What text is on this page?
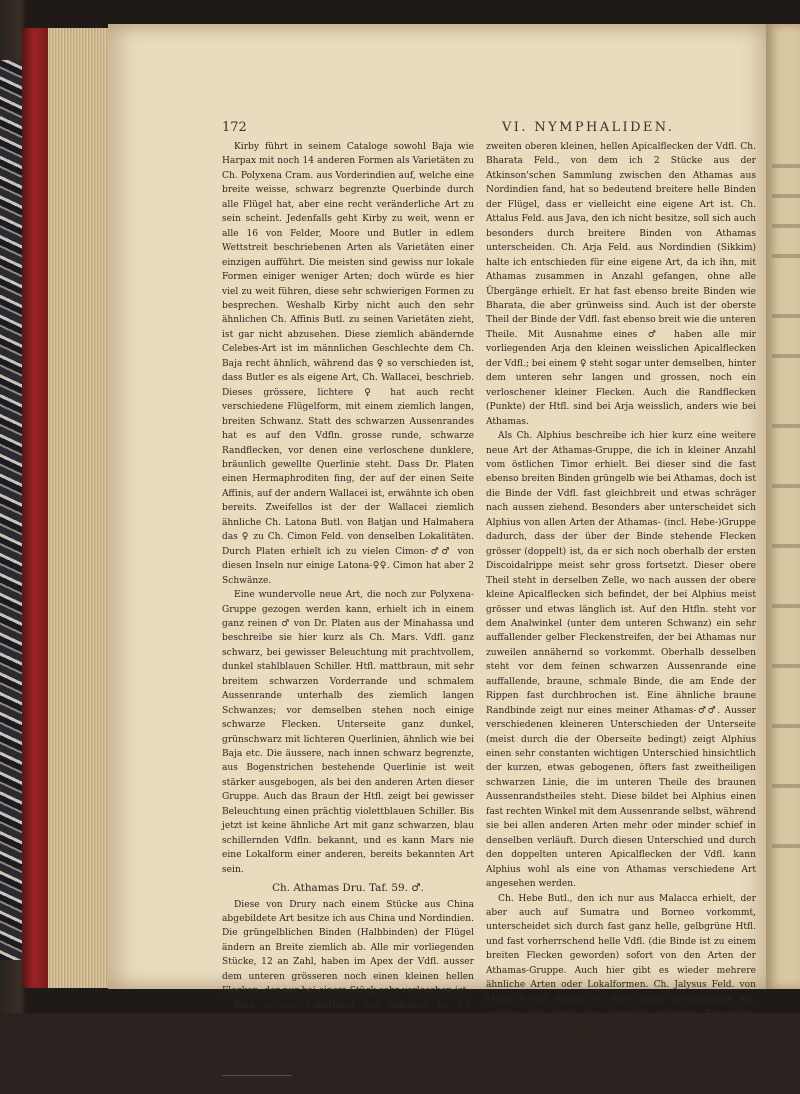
172	VI. NYMPHALIDEN.

Kirby führt in seinem Cataloge sowohl Baja wie Harpax mit noch 14 anderen Formen als Varietäten zu Ch. Polyxena Cram. aus Vorderindien auf, welche eine breite weisse, schwarz begrenzte Querbinde durch alle Flügel hat, aber eine recht veränderliche Art zu sein scheint. Jedenfalls geht Kirby zu weit, wenn er alle 16 von Felder, Moore und Butler in edlem Wettstreit beschriebenen Arten als Varietäten einer einzigen aufführt. Die meisten sind gewiss nur lokale Formen einiger weniger Arten; doch würde es hier viel zu weit führen, diese sehr schwierigen Formen zu besprechen. Weshalb Kirby nicht auch den sehr ähnlichen Ch. Affinis Butl. zu seinen Varietäten zieht, ist gar nicht abzusehen. Diese ziemlich abändernde Celebes-Art ist im männlichen Geschlechte dem Ch. Baja recht ähnlich, während das ♀ so verschieden ist, dass Butler es als eigene Art, Ch. Wallacei, beschrieb. Dieses grössere, lichtere ♀ hat auch recht verschiedene Flügelform, mit einem ziemlich langen, breiten Schwanz. Statt des schwarzen Aussenrandes hat es auf den Vdfln. grosse runde, schwarze Randflecken, vor denen eine verloschene dunklere, bräunlich gewellte Querlinie steht. Dass Dr. Platen einen Hermaphroditen fing, der auf der einen Seite Affinis, auf der andern Wallacei ist, erwähnte ich oben bereits. Zweifellos ist der der Wallacei ziemlich ähnliche Ch. Latona Butl. von Batjan und Halmahera das ♀ zu Ch. Cimon Feld. von denselben Lokalitäten. Durch Platen erhielt ich zu vielen Cimon-♂♂ von diesen Inseln nur einige Latona-♀♀. Cimon hat aber 2 Schwänze.

Eine wundervolle neue Art, die noch zur Polyxena-Gruppe gezogen werden kann, erhielt ich in einem ganz reinen ♂ von Dr. Platen aus der Minahassa und beschreibe sie hier kurz als Ch. Mars. Vdfl. ganz schwarz, bei gewisser Beleuchtung mit prachtvollem, dunkel stahlblauen Schiller. Htfl. mattbraun, mit sehr breitem schwarzen Vorderrande und schmalem Aussenrande unterhalb des ziemlich langen Schwanzes; vor demselben stehen noch einige schwarze Flecken. Unterseite ganz dunkel, grünschwarz mit lichteren Querlinien, ähnlich wie bei Baja etc. Die äussere, nach innen schwarz begrenzte, aus Bogenstrichen bestehende Querlinie ist weit stärker ausgebogen, als bei den anderen Arten dieser Gruppe. Auch das Braun der Htfl. zeigt bei gewisser Beleuchtung einen prächtig violettblauen Schiller. Bis jetzt ist keine ähnliche Art mit ganz schwarzen, blau schillernden Vdfln. bekannt, und es kann Mars nie eine Lokalform einer anderen, bereits bekannten Art sein.

Ch. Athamas Dru. Taf. 59. ♂.

Diese von Drury nach einem Stücke aus China abgebildete Art besitze ich aus China und Nordindien. Die grüngelblichen Binden (Halbbinden) der Flügel ändern an Breite ziemlich ab. Alle mir vorliegenden Stücke, 12 an Zahl, haben im Apex der Vdfl. ausser dem unteren grösseren noch einen kleinen hellen Flecken, der nur bei einem Stück sehr verloschen ist.

Eine sichere Lokalform von Athamas ist Ch. Samatha Moore, die ich von Hinterindien (Malacca, Perak) und Borneo besitze. Diese ist nur etwas kleiner, hat meist (nicht immer) breitere grüngelbe Binden und selten den

Athamas, Sohn des Aeolus, König von Orchomenus.

zweiten oberen kleinen, hellen Apicalflecken der Vdfl. Ch. Bharata Feld., von dem ich 2 Stücke aus der Atkinson'schen Sammlung zwischen den Athamas aus Nordindien fand, hat so bedeutend breitere helle Binden der Flügel, dass er vielleicht eine eigene Art ist. Ch. Attalus Feld. aus Java, den ich nicht besitze, soll sich auch besonders durch breitere Binden von Athamas unterscheiden. Ch. Arja Feld. aus Nordindien (Sikkim) halte ich entschieden für eine eigene Art, da ich ihn, mit Athamas zusammen in Anzahl gefangen, ohne alle Übergänge erhielt. Er hat fast ebenso breite Binden wie Bharata, die aber grünweiss sind. Auch ist der oberste Theil der Binde der Vdfl. fast ebenso breit wie die unteren Theile. Mit Ausnahme eines ♂ haben alle mir vorliegenden Arja den kleinen weisslichen Apicalflecken der Vdfl.; bei einem ♀ steht sogar unter demselben, hinter dem unteren sehr langen und grossen, noch ein verloschener kleiner Flecken. Auch die Randflecken (Punkte) der Htfl. sind bei Arja weisslich, anders wie bei Athamas.

Als Ch. Alphius beschreibe ich hier kurz eine weitere neue Art der Athamas-Gruppe, die ich in kleiner Anzahl vom östlichen Timor erhielt. Bei dieser sind die fast ebenso breiten Binden grüngelb wie bei Athamas, doch ist die Binde der Vdfl. fast gleichbreit und etwas schräger nach aussen ziehend. Besonders aber unterscheidet sich Alphius von allen Arten der Athamas- (incl. Hebe-)Gruppe dadurch, dass der über der Binde stehende Flecken grösser (doppelt) ist, da er sich noch oberhalb der ersten Discoidalrippe meist sehr gross fortsetzt. Dieser obere Theil steht in derselben Zelle, wo nach aussen der obere kleine Apicalflecken sich befindet, der bei Alphius meist grösser und etwas länglich ist. Auf den Htfln. steht vor dem Analwinkel (unter dem unteren Schwanz) ein sehr auffallender gelber Fleckenstreifen, der bei Athamas nur zuweilen annähernd so vorkommt. Oberhalb desselben steht vor dem feinen schwarzen Aussenrande eine auffallende, braune, schmale Binde, die am Ende der Rippen fast durchbrochen ist. Eine ähnliche braune Randbinde zeigt nur eines meiner Athamas-♂♂. Ausser verschiedenen kleineren Unterschieden der Unterseite (meist durch die der Oberseite bedingt) zeigt Alphius einen sehr constanten wichtigen Unterschied hinsichtlich der kurzen, etwas gebogenen, öfters fast zweitheiligen schwarzen Linie, die im unteren Theile des braunen Aussenrandstheiles steht. Diese bildet bei Alphius einen fast rechten Winkel mit dem Aussenrande selbst, während sie bei allen anderen Arten mehr oder minder schief in denselben verläuft. Durch diesen Unterschied und durch den doppelten unteren Apicalflecken der Vdfl. kann Alphius wohl als eine von Athamas verschiedene Art angesehen werden.

Ch. Hebe Butl., den ich nur aus Malacca erhielt, der aber auch auf Sumatra und Borneo vorkommt, unterscheidet sich durch fast ganz helle, gelbgrüne Htfl. und fast vorherrschend helle Vdfl. (die Binde ist zu einem breiten Flecken geworden) sofort von den Arten der Athamas-Gruppe. Auch hier gibt es wieder mehrere ähnliche Arten oder Lokalformen. Ch. Jalysus Feld. von Malacca und Borneo ist eine sicher verschiedene Art, welche sich durch die schmalste schwarze Berandung aller Flügel, besonders auch auf der Unterseite der Htfl.,
